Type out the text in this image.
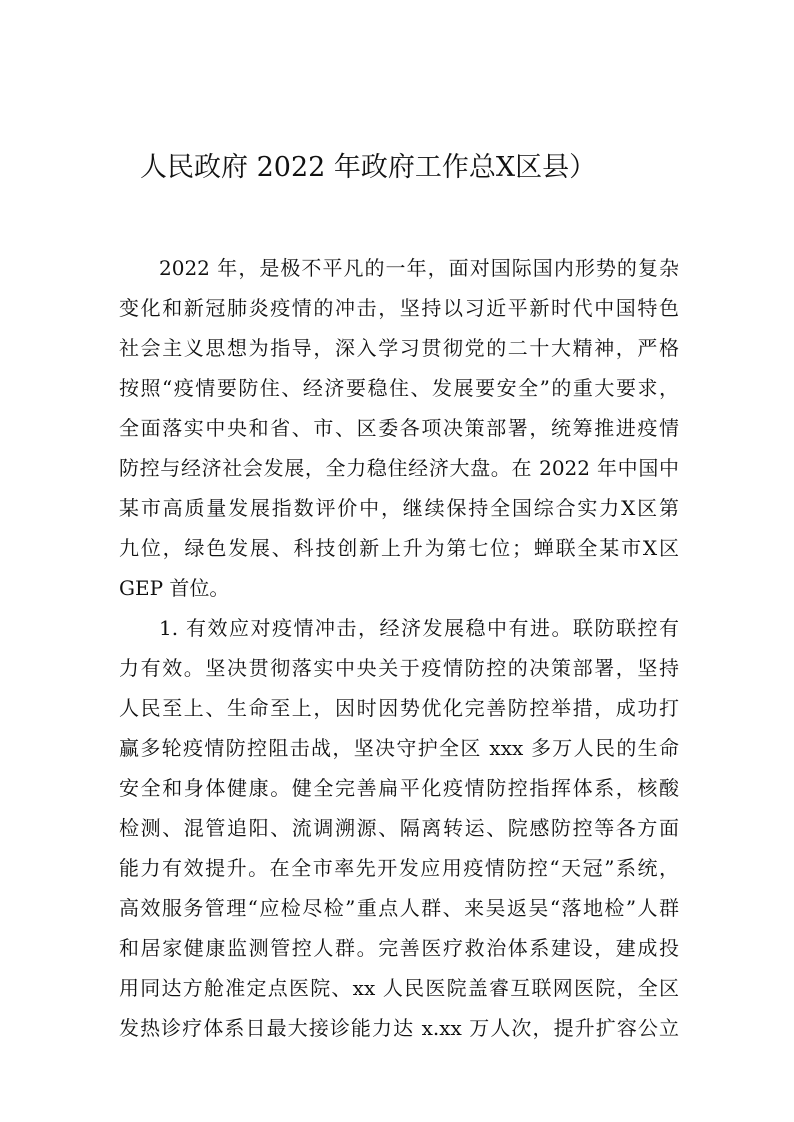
人民政府 2022 年政府工作总X区县）
2022 年，是极不平凡的一年，面对国际国内形势的复杂
变化和新冠肺炎疫情的冲击，坚持以习近平新时代中国特色
社会主义思想为指导，深入学习贯彻党的二十大精神，严格
按照“疫情要防住、经济要稳住、发展要安全”的重大要求，
全面落实中央和省、市、区委各项决策部署，统筹推进疫情
防控与经济社会发展，全力稳住经济大盘。在 2022 年中国中
某市高质量发展指数评价中，继续保持全国综合实力X区第
九位，绿色发展、科技创新上升为第七位；蝉联全某市X区
GEP 首位。
1. 有效应对疫情冲击，经济发展稳中有进。联防联控有
力有效。坚决贯彻落实中央关于疫情防控的决策部署，坚持
人民至上、生命至上，因时因势优化完善防控举措，成功打
赢多轮疫情防控阻击战，坚决守护全区 xxx 多万人民的生命
安全和身体健康。健全完善扁平化疫情防控指挥体系，核酸
检测、混管追阳、流调溯源、隔离转运、院感防控等各方面
能力有效提升。在全市率先开发应用疫情防控“天冠”系统，
高效服务管理“应检尽检”重点人群、来吴返吴“落地检”人群
和居家健康监测管控人群。完善医疗救治体系建设，建成投
用同达方舱准定点医院、xx 人民医院盖睿互联网医院，全区
发热诊疗体系日最大接诊能力达 x.xx 万人次，提升扩容公立
